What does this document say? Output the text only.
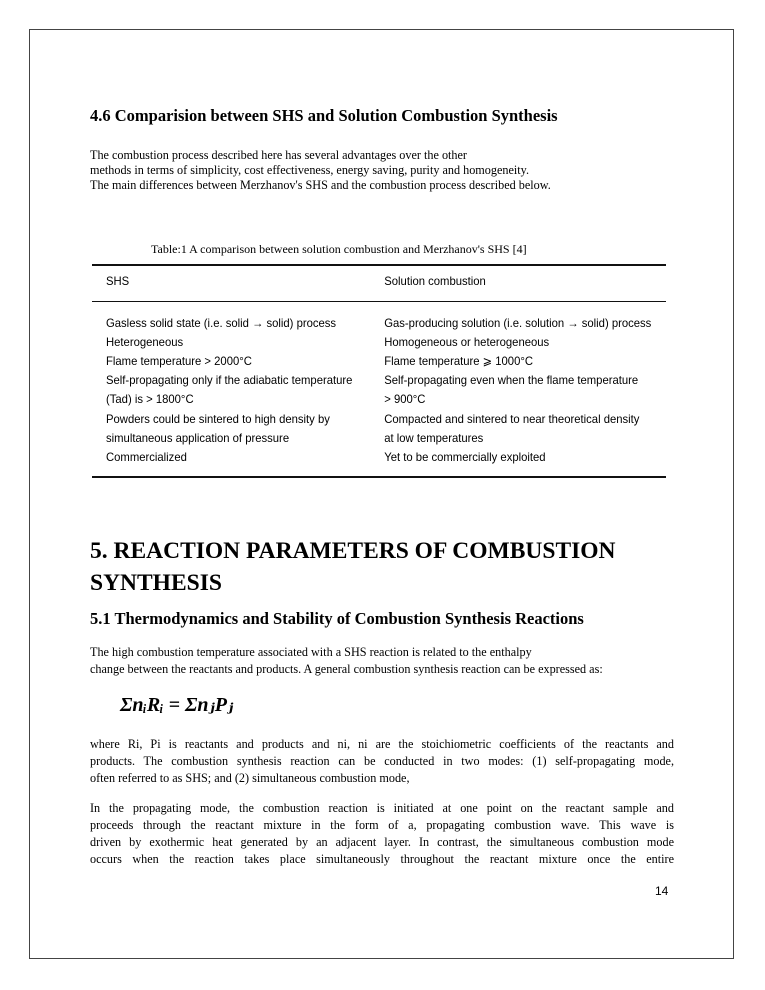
4.6 Comparision between SHS and Solution Combustion Synthesis

The combustion process described here has several advantages over the other
methods in terms of simplicity, cost effectiveness, energy saving, purity and homogeneity.
The main differences between Merzhanov's SHS and the combustion process described below.

Table:1 A comparison between solution combustion and Merzhanov's SHS [4]

SHS	Solution combustion
Gasless solid state (i.e. solid → solid) process
Heterogeneous
Flame temperature > 2000°C
Self-propagating only if the adiabatic temperature
(Tad) is > 1800°C
Powders could be sintered to high density by
simultaneous application of pressure
Commercialized
Gas-producing solution (i.e. solution → solid) process
Homogeneous or heterogeneous
Flame temperature ⩾ 1000°C
Self-propagating even when the flame temperature
> 900°C
Compacted and sintered to near theoretical density
at low temperatures
Yet to be commercially exploited
5. REACTION PARAMETERS OF COMBUSTION
SYNTHESIS
5.1 Thermodynamics and Stability of Combustion Synthesis Reactions

The high combustion temperature associated with a SHS reaction is related to the enthalpy
change between the reactants and products. A general combustion synthesis reaction can be expressed as:

ΣnᵢRᵢ = ΣnⱼPⱼ

where Ri, Pi is reactants and products and ni, ni are the stoichiometric coefficients of the reactants and
products. The combustion synthesis reaction can be conducted in two modes: (1) self-propagating mode,
often referred to as SHS; and (2) simultaneous combustion mode,

In the propagating mode, the combustion reaction is initiated at one point on the reactant sample and
proceeds through the reactant mixture in the form of a, propagating combustion wave. This wave is
driven by exothermic heat generated by an adjacent layer. In contrast, the simultaneous combustion mode
occurs when the reaction takes place simultaneously throughout the reactant mixture once the entire

14
